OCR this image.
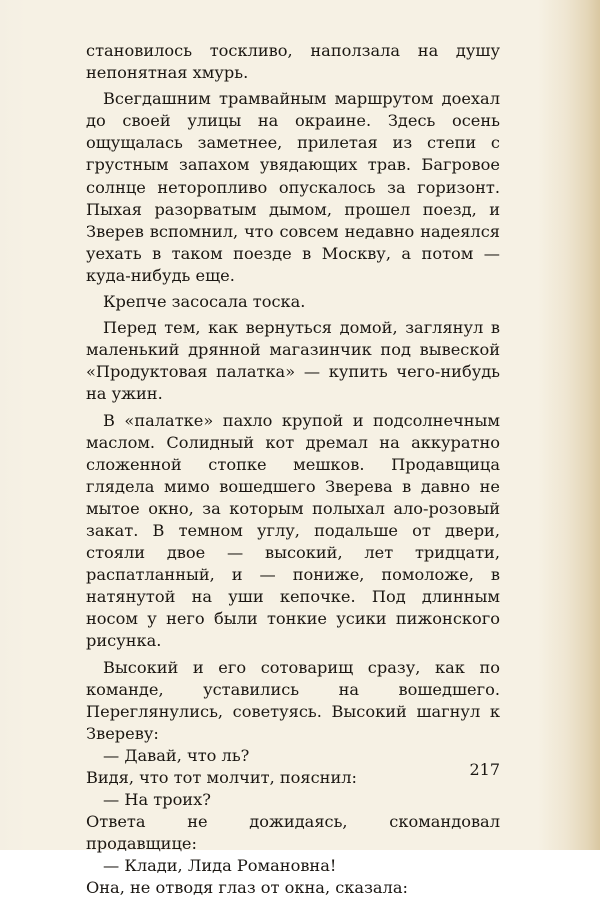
становилось тоскливо, наползала на душу непонятная хмурь.

Всегдашним трамвайным маршрутом доехал до своей улицы на окраине. Здесь осень ощущалась заметнее, прилетая из степи с грустным запахом увядающих трав. Багровое солнце неторопливо опускалось за горизонт. Пыхая разорватым дымом, прошел поезд, и Зверев вспомнил, что совсем недавно надеялся уехать в таком поезде в Москву, а потом — куда-нибудь еще.

Крепче засосала тоска.

Перед тем, как вернуться домой, заглянул в маленький дрянной магазинчик под вывеской «Продуктовая палатка» — купить чего-нибудь на ужин.

В «палатке» пахло крупой и подсолнечным маслом. Солидный кот дремал на аккуратно сложенной стопке мешков. Продавщица глядела мимо вошедшего Зверева в давно не мытое окно, за которым полыхал ало-розовый закат. В темном углу, подальше от двери, стояли двое — высокий, лет тридцати, распатланный, и — пониже, помоложе, в натянутой на уши кепочке. Под длинным носом у него были тонкие усики пижонского рисунка.

Высокий и его сотоварищ сразу, как по команде, уставились на вошедшего. Переглянулись, советуясь. Высокий шагнул к Звереву:

— Давай, что ль?

Видя, что тот молчит, пояснил:

— На троих?

Ответа не дожидаясь, скомандовал продавщице:

— Клади, Лида Романовна!

Она, не отводя глаз от окна, сказала:

217
